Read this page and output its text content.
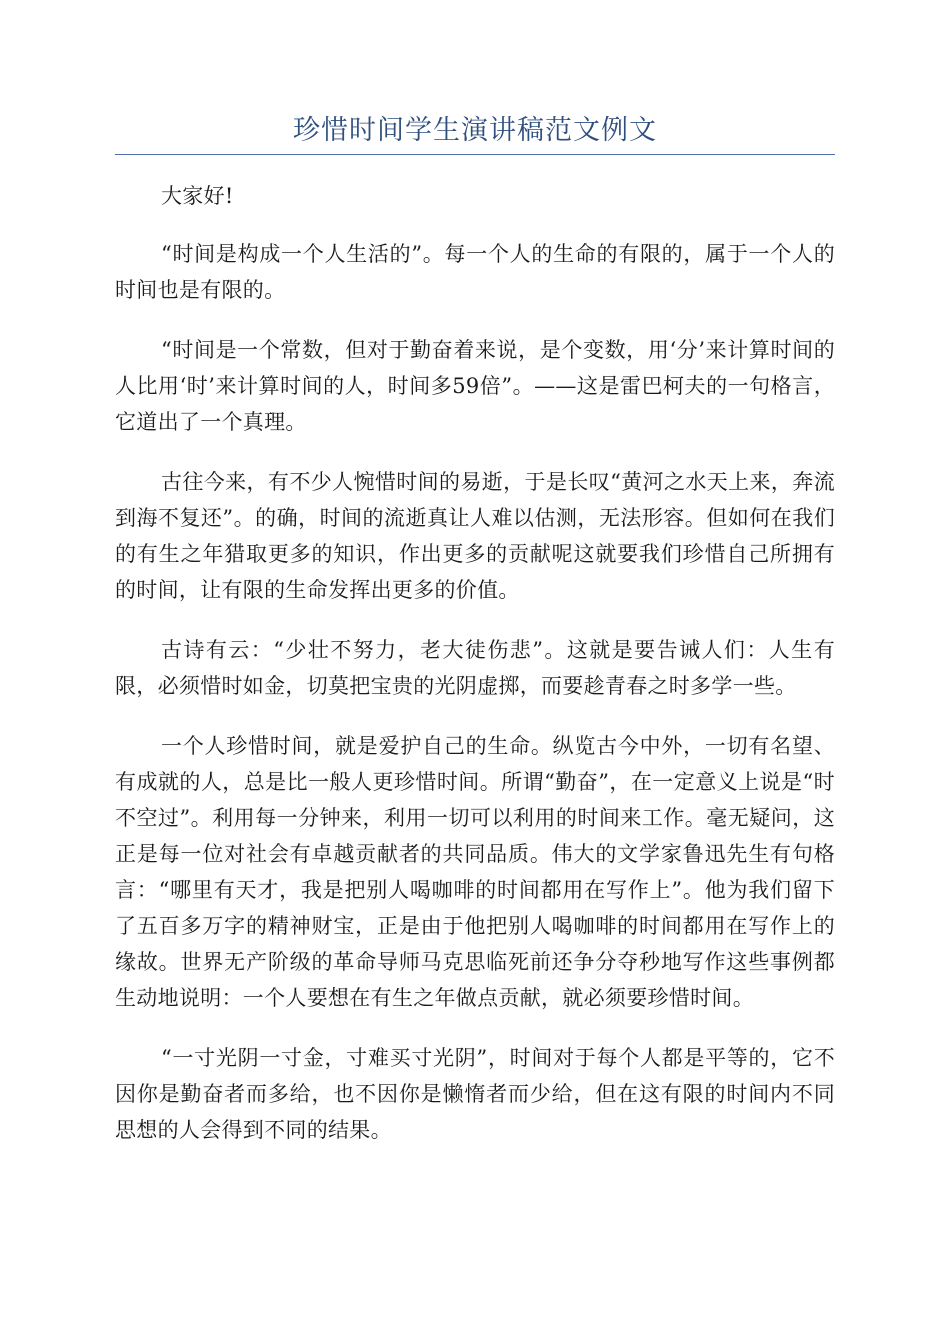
珍惜时间学生演讲稿范文例文

大家好!

“时间是构成一个人生活的”。每一个人的生命的有限的，属于一个人的时间也是有限的。

“时间是一个常数，但对于勤奋着来说，是个变数，用‘分’来计算时间的人比用‘时’来计算时间的人，时间多59倍”。——这是雷巴柯夫的一句格言，它道出了一个真理。

古往今来，有不少人惋惜时间的易逝，于是长叹“黄河之水天上来，奔流到海不复还”。的确，时间的流逝真让人难以估测，无法形容。但如何在我们的有生之年猎取更多的知识，作出更多的贡献呢这就要我们珍惜自己所拥有的时间，让有限的生命发挥出更多的价值。

古诗有云：“少壮不努力，老大徒伤悲”。这就是要告诫人们：人生有限，必须惜时如金，切莫把宝贵的光阴虚掷，而要趁青春之时多学一些。

一个人珍惜时间，就是爱护自己的生命。纵览古今中外，一切有名望、有成就的人，总是比一般人更珍惜时间。所谓“勤奋”，在一定意义上说是“时不空过”。利用每一分钟来，利用一切可以利用的时间来工作。毫无疑问，这正是每一位对社会有卓越贡献者的共同品质。伟大的文学家鲁迅先生有句格言：“哪里有天才，我是把别人喝咖啡的时间都用在写作上”。他为我们留下了五百多万字的精神财宝，正是由于他把别人喝咖啡的时间都用在写作上的缘故。世界无产阶级的革命导师马克思临死前还争分夺秒地写作这些事例都生动地说明：一个人要想在有生之年做点贡献，就必须要珍惜时间。

“一寸光阴一寸金，寸难买寸光阴”，时间对于每个人都是平等的，它不因你是勤奋者而多给，也不因你是懒惰者而少给，但在这有限的时间内不同思想的人会得到不同的结果。
